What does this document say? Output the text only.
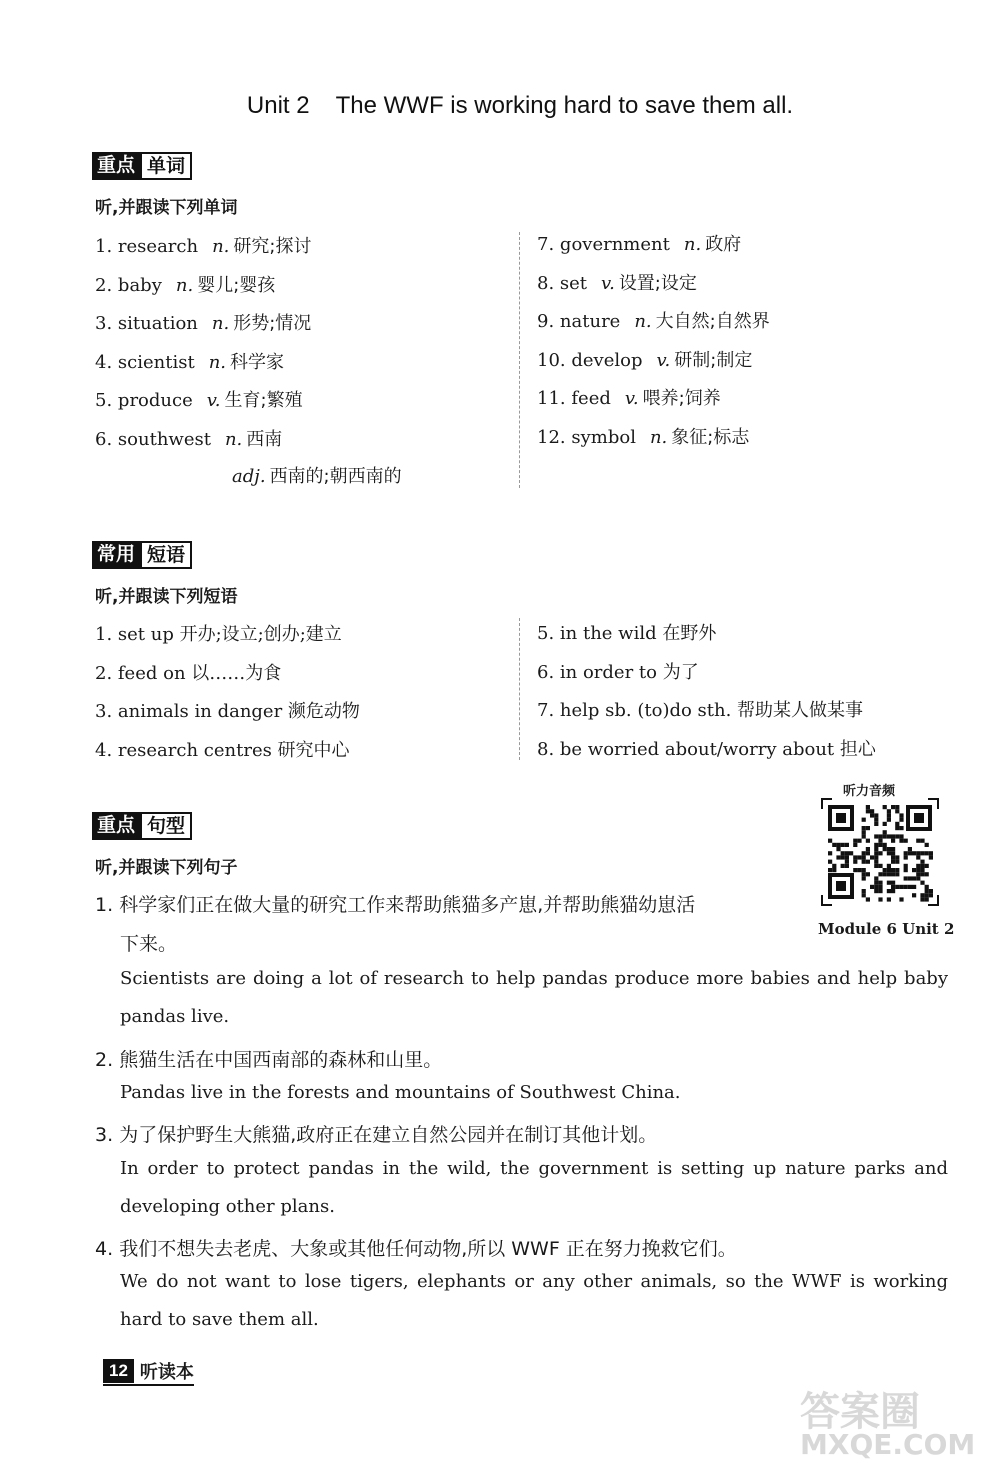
Unit 2 The WWF is working hard to save them all.
重点 单词
听,并跟读下列单词
1. research n. 研究;探讨
2. baby n. 婴儿;婴孩
3. situation n. 形势;情况
4. scientist n. 科学家
5. produce v. 生育;繁殖
6. southwest n. 西南
7. government n. 政府
8. set v. 设置;设定
9. nature n. 大自然;自然界
10. develop v. 研制;制定
11. feed v. 喂养;饲养
12. symbol n. 象征;标志
adj. 西南的;朝西南的
常用 短语
听,并跟读下列短语
1. set up 开办;设立;创办;建立
2. feed on 以……为食
3. animals in danger 濒危动物
4. research centres 研究中心
5. in the wild 在野外
6. in order to 为了
7. help sb. (to)do sth. 帮助某人做某事
8. be worried about/worry about 担心
听力音频
Module 6 Unit 2
重点 句型
听,并跟读下列句子
1. 科学家们正在做大量的研究工作来帮助熊猫多产崽,并帮助熊猫幼崽活
下来。
Scientists are doing a lot of research to help pandas produce more babies and help baby
pandas live.
2. 熊猫生活在中国西南部的森林和山里。
Pandas live in the forests and mountains of Southwest China.
3. 为了保护野生大熊猫,政府正在建立自然公园并在制订其他计划。
In order to protect pandas in the wild, the government is setting up nature parks and
developing other plans.
4. 我们不想失去老虎、大象或其他任何动物,所以 WWF 正在努力挽救它们。
We do not want to lose tigers, elephants or any other animals, so the WWF is working
hard to save them all.
12 听读本
答案圈
MXQE.COM
